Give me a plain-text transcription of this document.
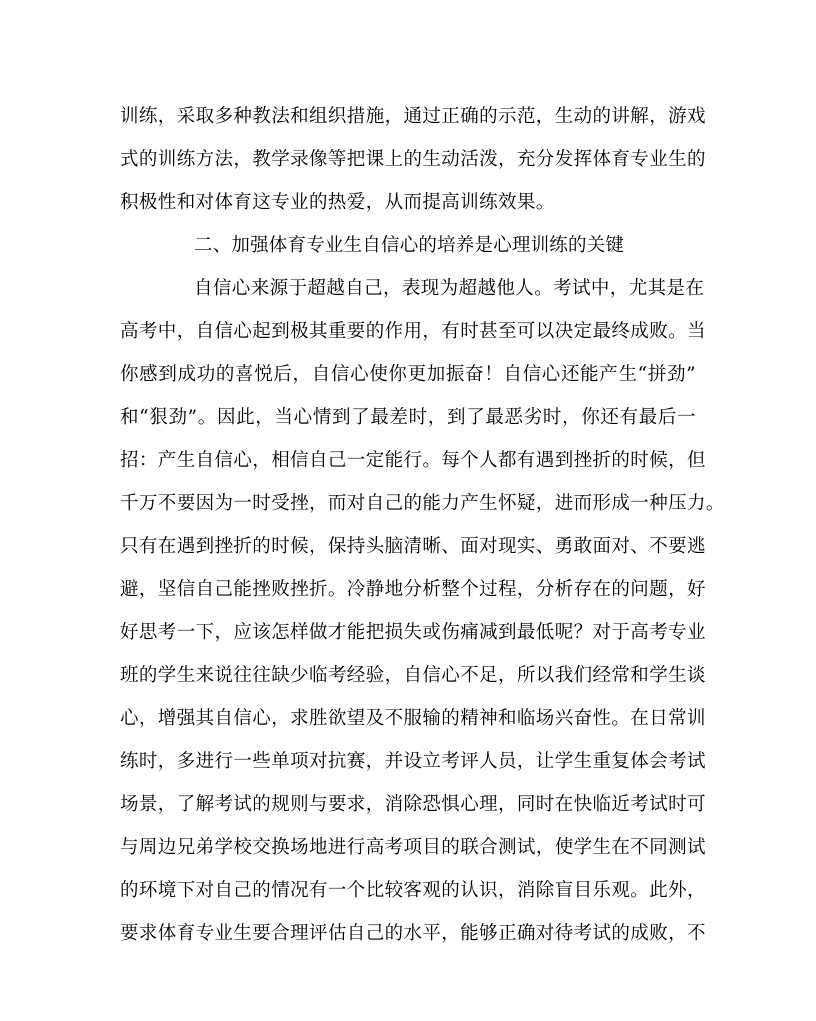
训练，采取多种教法和组织措施，通过正确的示范，生动的讲解，游戏
式的训练方法，教学录像等把课上的生动活泼，充分发挥体育专业生的
积极性和对体育这专业的热爱，从而提高训练效果。
二、加强体育专业生自信心的培养是心理训练的关键
自信心来源于超越自己，表现为超越他人。考试中，尤其是在
高考中，自信心起到极其重要的作用，有时甚至可以决定最终成败。当
你感到成功的喜悦后，自信心使你更加振奋！自信心还能产生“拼劲”
和“狠劲”。因此，当心情到了最差时，到了最恶劣时，你还有最后一
招：产生自信心，相信自己一定能行。每个人都有遇到挫折的时候，但
千万不要因为一时受挫，而对自己的能力产生怀疑，进而形成一种压力。
只有在遇到挫折的时候，保持头脑清晰、面对现实、勇敢面对、不要逃
避，坚信自己能挫败挫折。冷静地分析整个过程，分析存在的问题，好
好思考一下，应该怎样做才能把损失或伤痛减到最低呢？对于高考专业
班的学生来说往往缺少临考经验，自信心不足，所以我们经常和学生谈
心，增强其自信心，求胜欲望及不服输的精神和临场兴奋性。在日常训
练时，多进行一些单项对抗赛，并设立考评人员，让学生重复体会考试
场景，了解考试的规则与要求，消除恐惧心理，同时在快临近考试时可
与周边兄弟学校交换场地进行高考项目的联合测试，使学生在不同测试
的环境下对自己的情况有一个比较客观的认识，消除盲目乐观。此外，
要求体育专业生要合理评估自己的水平，能够正确对待考试的成败，不
